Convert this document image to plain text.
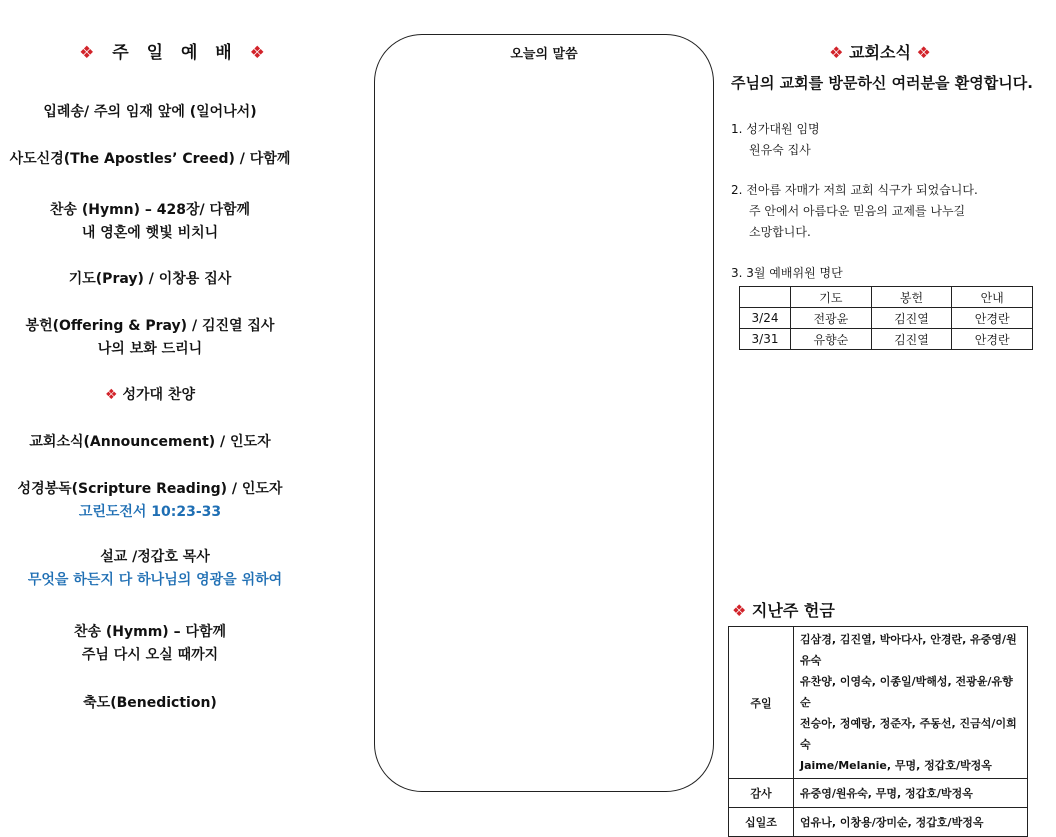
❖ 주 일 예 배 ❖
입례송/ 주의 임재 앞에 (일어나서)
사도신경(The Apostles’ Creed) / 다함께
찬송 (Hymn) – 428장/ 다함께
내 영혼에 햇빛 비치니
기도(Pray) / 이창용 집사
봉헌(Offering & Pray) / 김진열 집사
나의 보화 드리니
❖ 성가대 찬양
교회소식(Announcement) / 인도자
성경봉독(Scripture Reading) / 인도자
고린도전서 10:23-33
설교 /정갑호 목사
무엇을 하든지 다 하나님의 영광을 위하여
찬송 (Hymm) – 다함께
주님 다시 오실 때까지
축도(Benediction)
오늘의 말씀	❖ 교회소식 ❖
주님의 교회를 방문하신 여러분을 환영합니다.
1. 성가대원 임명
원유숙 집사
2. 전아름 자매가 저희 교회 식구가 되었습니다.
주 안에서 아름다운 믿음의 교제를 나누길
소망합니다.
3. 3월 예배위원 명단
	기도	봉헌	안내
3/24	전광윤	김진열	안경란
3/31	유향순	김진열	안경란
❖ 지난주 헌금
주일	김삼경, 김진열, 박아다사, 안경란, 유중영/원유숙
유찬양, 이영숙, 이종일/박해성, 전광윤/유향순
전승아, 정예랑, 정준자, 주동선, 진금석/이희숙
Jaime/Melanie, 무명, 정갑호/박정옥

감사	유중영/원유숙, 무명, 정갑호/박정옥

십일조	엄유나, 이창용/장미순, 정갑호/박정옥
